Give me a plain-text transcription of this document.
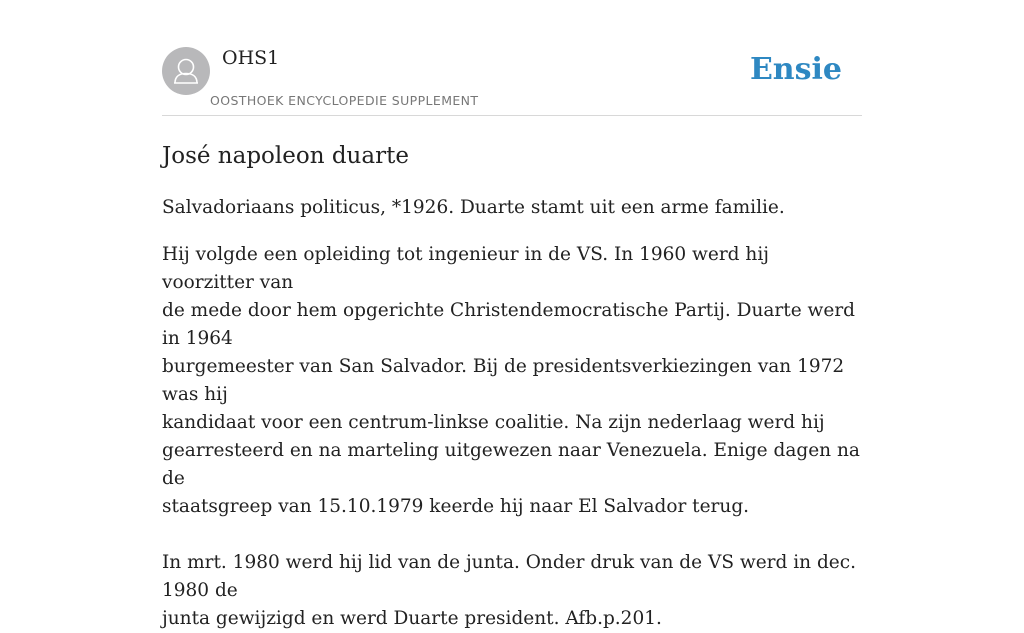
OHS1
OOSTHOEK ENCYCLOPEDIE SUPPLEMENT
Ensie
José napoleon duarte

Salvadoriaans politicus, *1926. Duarte stamt uit een arme familie.

Hij volgde een opleiding tot ingenieur in de VS. In 1960 werd hij voorzitter van
de mede door hem opgerichte Christendemocratische Partij. Duarte werd in 1964
burgemeester van San Salvador. Bij de presidentsverkiezingen van 1972 was hij
kandidaat voor een centrum-linkse coalitie. Na zijn nederlaag werd hij
gearresteerd en na marteling uitgewezen naar Venezuela. Enige dagen na de
staatsgreep van 15.10.1979 keerde hij naar El Salvador terug.

In mrt. 1980 werd hij lid van de junta. Onder druk van de VS werd in dec. 1980 de
junta gewijzigd en werd Duarte president. Afb.p.201.
